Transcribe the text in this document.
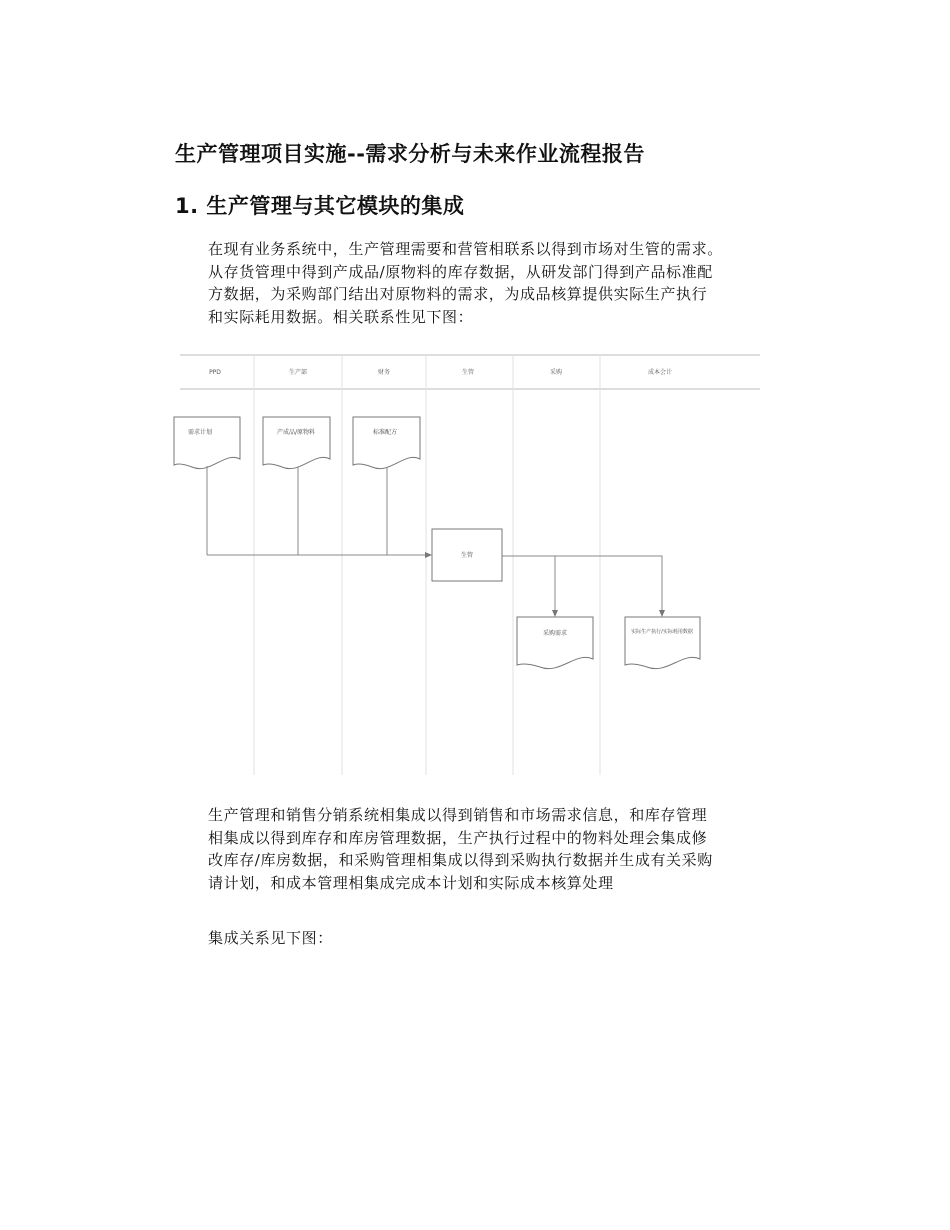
生产管理项目实施--需求分析与未来作业流程报告
1. 生产管理与其它模块的集成
在现有业务系统中，生产管理需要和营管相联系以得到市场对生管的需求。
从存货管理中得到产成品/原物料的库存数据，从研发部门得到产品标准配
方数据，为采购部门结出对原物料的需求，为成品核算提供实际生产执行
和实际耗用数据。相关联系性见下图：
PPD	生产部	财务	生管	采购	成本会计
需求计划	产成品/原物料	标准配方
生管
采购需求	实际生产执行/实际耗用数据
生产管理和销售分销系统相集成以得到销售和市场需求信息，和库存管理
相集成以得到库存和库房管理数据，生产执行过程中的物料处理会集成修
改库存/库房数据，和采购管理相集成以得到采购执行数据并生成有关采购
请计划，和成本管理相集成完成本计划和实际成本核算处理
集成关系见下图：
